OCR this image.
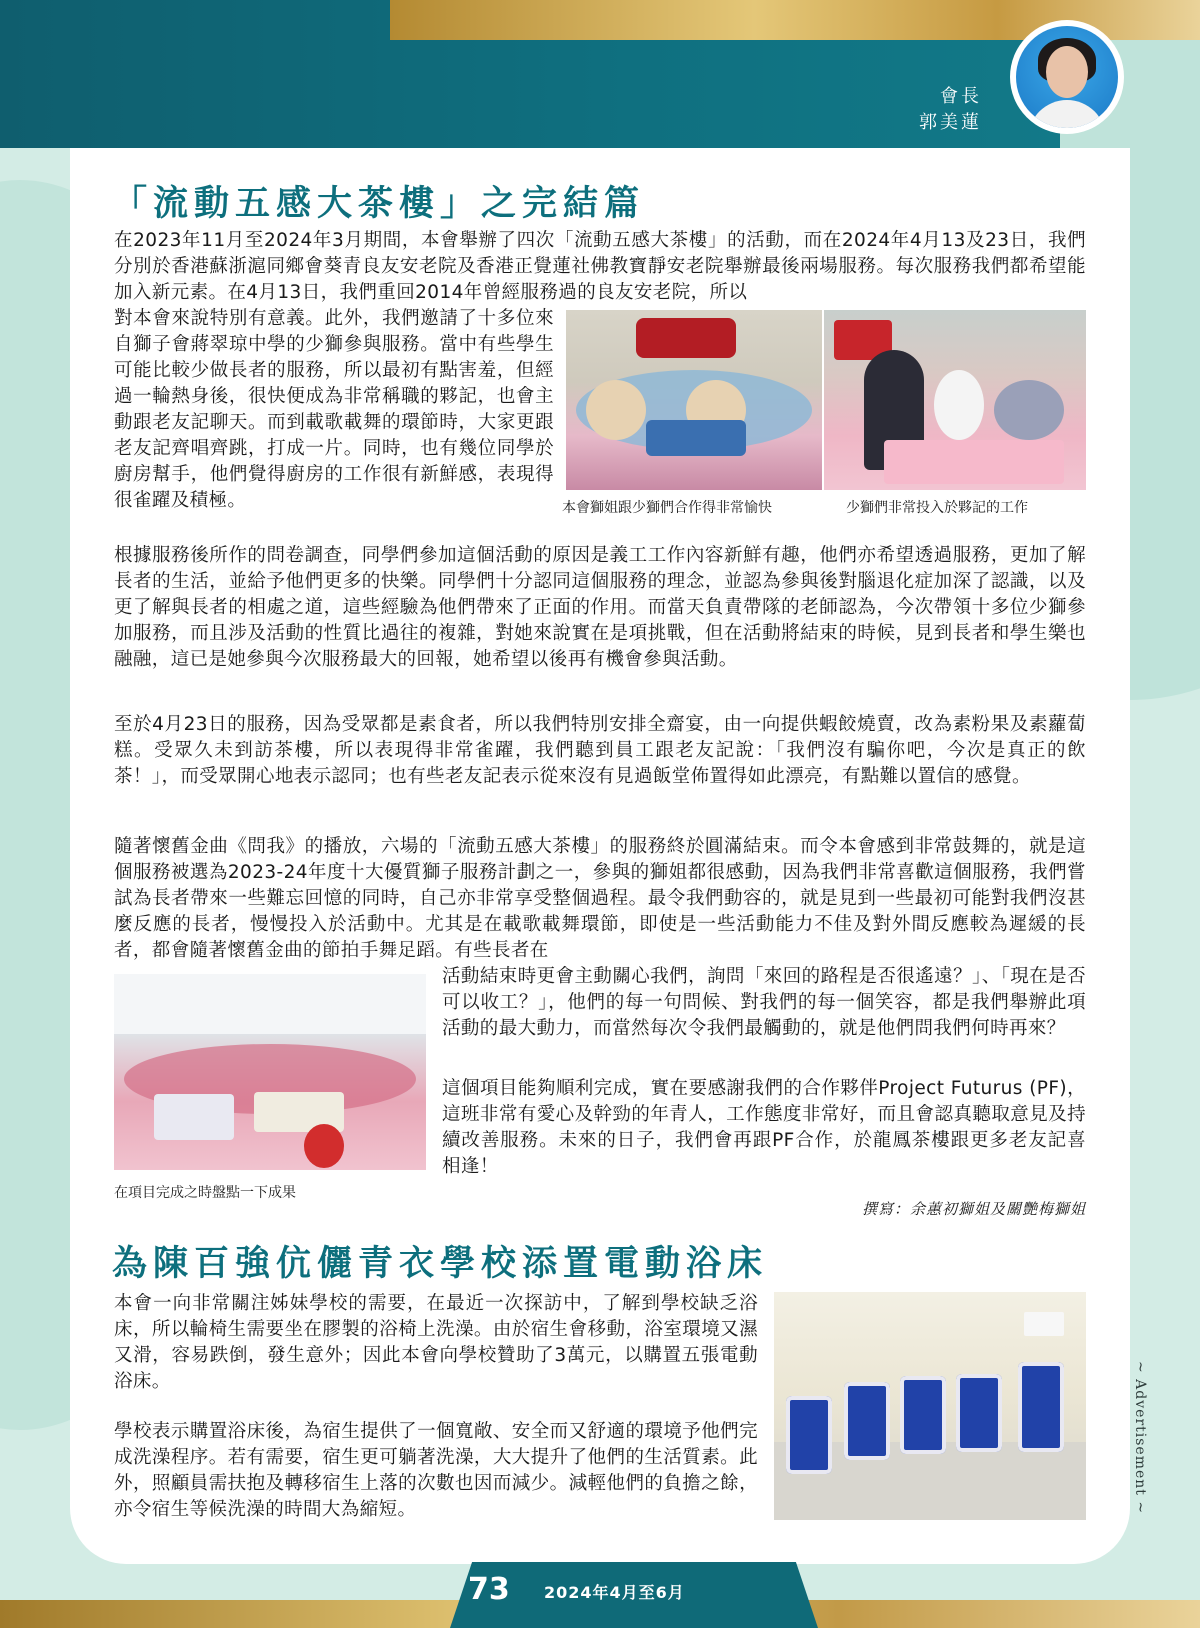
會長
郭美蓮
「流動五感大茶樓」之完結篇

在2023年11月至2024年3月期間，本會舉辦了四次「流動五感大茶樓」的活動，而在2024年4月13及23日，我們分別於香港蘇浙滬同鄉會葵青良友安老院及香港正覺蓮社佛教寶靜安老院舉辦最後兩場服務。每次服務我們都希望能加入新元素。在4月13日，我們重回2014年曾經服務過的良友安老院，所以

對本會來說特別有意義。此外，我們邀請了十多位來自獅子會蔣翠琼中學的少獅參與服務。當中有些學生可能比較少做長者的服務，所以最初有點害羞，但經過一輪熱身後，很快便成為非常稱職的夥記，也會主動跟老友記聊天。而到載歌載舞的環節時，大家更跟老友記齊唱齊跳，打成一片。同時，也有幾位同學於廚房幫手，他們覺得廚房的工作很有新鮮感，表現得很雀躍及積極。	本會獅姐跟少獅們合作得非常愉快	少獅們非常投入於夥記的工作

根據服務後所作的問卷調查，同學們參加這個活動的原因是義工工作內容新鮮有趣，他們亦希望透過服務，更加了解長者的生活，並給予他們更多的快樂。同學們十分認同這個服務的理念，並認為參與後對腦退化症加深了認識，以及更了解與長者的相處之道，這些經驗為他們帶來了正面的作用。而當天負責帶隊的老師認為，今次帶領十多位少獅參加服務，而且涉及活動的性質比過往的複雜，對她來說實在是項挑戰，但在活動將結束的時候，見到長者和學生樂也融融，這已是她參與今次服務最大的回報，她希望以後再有機會參與活動。

至於4月23日的服務，因為受眾都是素食者，所以我們特別安排全齋宴，由一向提供蝦餃燒賣，改為素粉果及素蘿蔔糕。受眾久未到訪茶樓，所以表現得非常雀躍，我們聽到員工跟老友記說：「我們沒有騙你吧，今次是真正的飲茶！」，而受眾開心地表示認同；也有些老友記表示從來沒有見過飯堂佈置得如此漂亮，有點難以置信的感覺。

隨著懷舊金曲《問我》的播放，六場的「流動五感大茶樓」的服務終於圓滿結束。而令本會感到非常鼓舞的，就是這個服務被選為2023-24年度十大優質獅子服務計劃之一，參與的獅姐都很感動，因為我們非常喜歡這個服務，我們嘗試為長者帶來一些難忘回憶的同時，自己亦非常享受整個過程。最令我們動容的，就是見到一些最初可能對我們沒甚麼反應的長者，慢慢投入於活動中。尤其是在載歌載舞環節，即使是一些活動能力不佳及對外間反應較為遲緩的長者，都會隨著懷舊金曲的節拍手舞足蹈。有些長者在

在項目完成之時盤點一下成果

活動結束時更會主動關心我們，詢問「來回的路程是否很遙遠？」、「現在是否可以收工？」，他們的每一句問候、對我們的每一個笑容，都是我們舉辦此項活動的最大動力，而當然每次令我們最觸動的，就是他們問我們何時再來？

這個項目能夠順利完成，實在要感謝我們的合作夥伴Project Futurus (PF)，這班非常有愛心及幹勁的年青人，工作態度非常好，而且會認真聽取意見及持續改善服務。未來的日子，我們會再跟PF合作，於龍鳳茶樓跟更多老友記喜相逢！

撰寫：余蕙初獅姐及關艷梅獅姐
為陳百強伉儷青衣學校添置電動浴床

本會一向非常關注姊妹學校的需要，在最近一次探訪中，了解到學校缺乏浴床，所以輪椅生需要坐在膠製的浴椅上洗澡。由於宿生會移動，浴室環境又濕又滑，容易跌倒，發生意外；因此本會向學校贊助了3萬元，以購置五張電動浴床。

學校表示購置浴床後，為宿生提供了一個寬敞、安全而又舒適的環境予他們完成洗澡程序。若有需要，宿生更可躺著洗澡，大大提升了他們的生活質素。此外，照顧員需扶抱及轉移宿生上落的次數也因而減少。減輕他們的負擔之餘，亦令宿生等候洗澡的時間大為縮短。	~ Advertisement ~
73 2024年4月至6月
